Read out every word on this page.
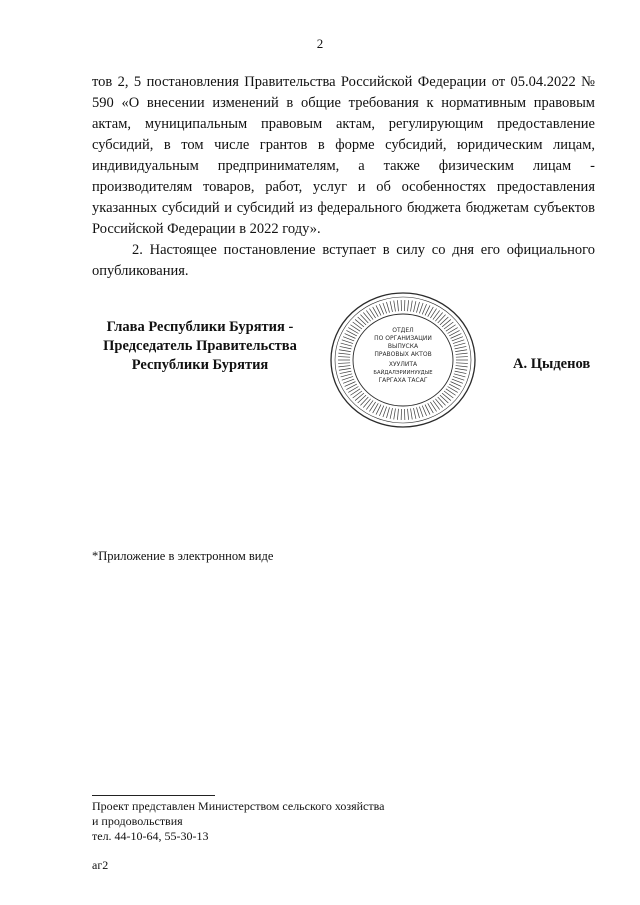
2

тов 2, 5 постановления Правительства Российской Федерации от 05.04.2022 № 590 «О внесении изменений в общие требования к нормативным правовым актам, муниципальным правовым актам, регулирующим предоставление субсидий, в том числе грантов в форме субсидий, юридическим лицам, индивидуальным предпринимателям, а также физическим лицам - производителям товаров, работ, услуг и об особенностях предоставления указанных субсидий и субсидий из федерального бюджета бюджетам субъектов Российской Федерации в 2022 году».

2. Настоящее постановление вступает в силу со дня его официального опубликования.

Глава Республики Бурятия -
Председатель Правительства
Республики Бурятия
ОТДЕЛ
ПО ОРГАНИЗАЦИИ
ВЫПУСКА
ПРАВОВЫХ АКТОВ
ХУУЛИТА
БАЙДАЛЭРИИНУУДЫЕ
ГАРГАХА ТАСАГ
А. Цыденов
*Приложение в электронном виде
Проект представлен Министерством сельского хозяйства
и продовольствия
тел. 44-10-64, 55-30-13
аг2
